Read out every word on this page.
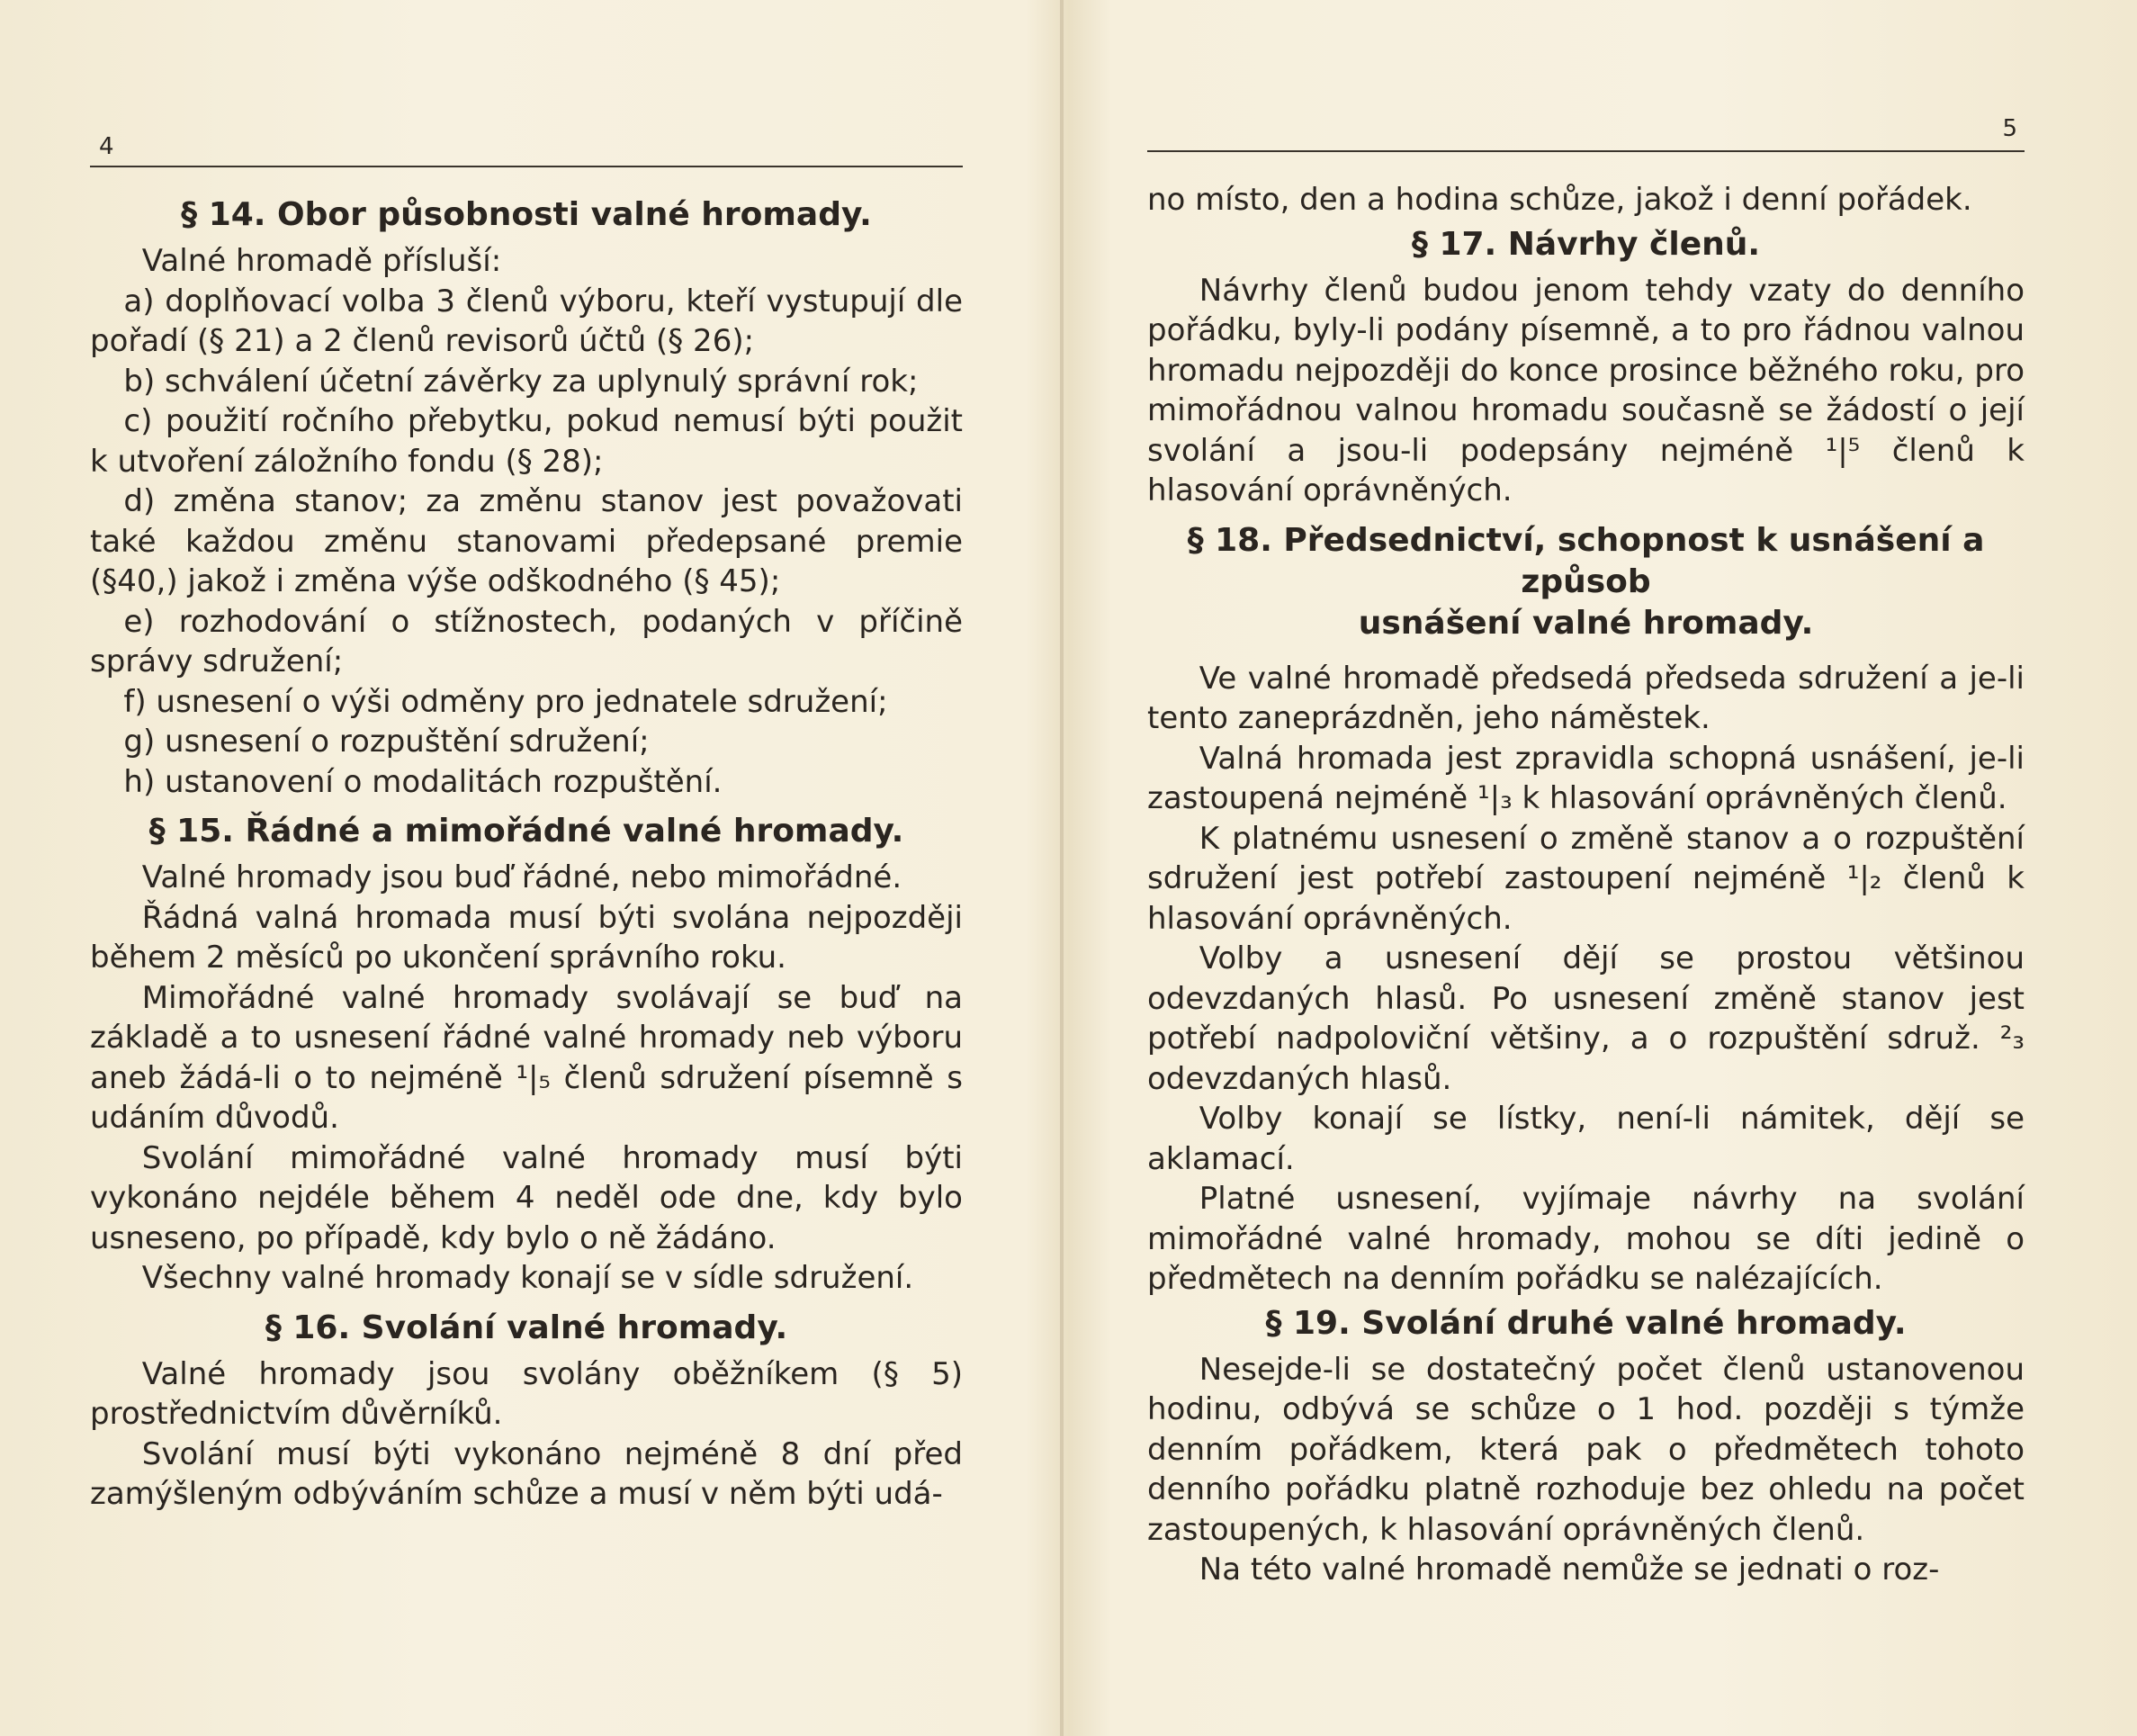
4
§ 14. Obor působnosti valné hromady.

Valné hromadě přísluší:

a) doplňovací volba 3 členů výboru, kteří vystupují dle pořadí (§ 21) a 2 členů revisorů účtů (§ 26);

b) schválení účetní závěrky za uplynulý správní rok;

c) použití ročního přebytku, pokud nemusí býti použit k utvoření záložního fondu (§ 28);

d) změna stanov; za změnu stanov jest považovati také každou změnu stanovami předepsané premie (§40,) jakož i změna výše odškodného (§ 45);

e) rozhodování o stížnostech, podaných v příčině správy sdružení;

f) usnesení o výši odměny pro jednatele sdružení;

g) usnesení o rozpuštění sdružení;

h) ustanovení o modalitách rozpuštění.

§ 15. Řádné a mimořádné valné hromady.

Valné hromady jsou buď řádné, nebo mimořádné.

Řádná valná hromada musí býti svolána nejpozději během 2 měsíců po ukončení správního roku.

Mimořádné valné hromady svolávají se buď na základě a to usnesení řádné valné hromady neb výboru aneb žádá-li o to nejméně ¹|₅ členů sdružení písemně s udáním důvodů.

Svolání mimořádné valné hromady musí býti vykonáno nejdéle během 4 neděl ode dne, kdy bylo usneseno, po případě, kdy bylo o ně žádáno.

Všechny valné hromady konají se v sídle sdružení.

§ 16. Svolání valné hromady.

Valné hromady jsou svolány oběžníkem (§ 5) prostřednictvím důvěrníků.

Svolání musí býti vykonáno nejméně 8 dní před zamýšleným odbýváním schůze a musí v něm býti udá-

5

no místo, den a hodina schůze, jakož i denní pořádek.

§ 17. Návrhy členů.

Návrhy členů budou jenom tehdy vzaty do denního pořádku, byly-li podány písemně, a to pro řádnou valnou hromadu nejpozději do konce prosince běžného roku, pro mimořádnou valnou hromadu současně se žádostí o její svolání a jsou-li podepsány nejméně ¹|⁵ členů k hlasování oprávněných.

§ 18. Předsednictví, schopnost k usnášení a způsob
usnášení valné hromady.

Ve valné hromadě předsedá předseda sdružení a je-li tento zaneprázdněn, jeho náměstek.

Valná hromada jest zpravidla schopná usnášení, je-li zastoupená nejméně ¹|₃ k hlasování oprávněných členů.

K platnému usnesení o změně stanov a o rozpuštění sdružení jest potřebí zastoupení nejméně ¹|₂ členů k hlasování oprávněných.

Volby a usnesení dějí se prostou většinou odevzdaných hlasů. Po usnesení změně stanov jest potřebí nadpoloviční většiny, a o rozpuštění sdruž. ²₃ odevzdaných hlasů.

Volby konají se lístky, není-li námitek, dějí se aklamací.

Platné usnesení, vyjímaje návrhy na svolání mimořádné valné hromady, mohou se díti jedině o předmětech na denním pořádku se nalézajících.

§ 19. Svolání druhé valné hromady.

Nesejde-li se dostatečný počet členů ustanovenou hodinu, odbývá se schůze o 1 hod. později s týmže denním pořádkem, která pak o předmětech tohoto denního pořádku platně rozhoduje bez ohledu na počet zastoupených, k hlasování oprávněných členů.

Na této valné hromadě nemůže se jednati o roz-
